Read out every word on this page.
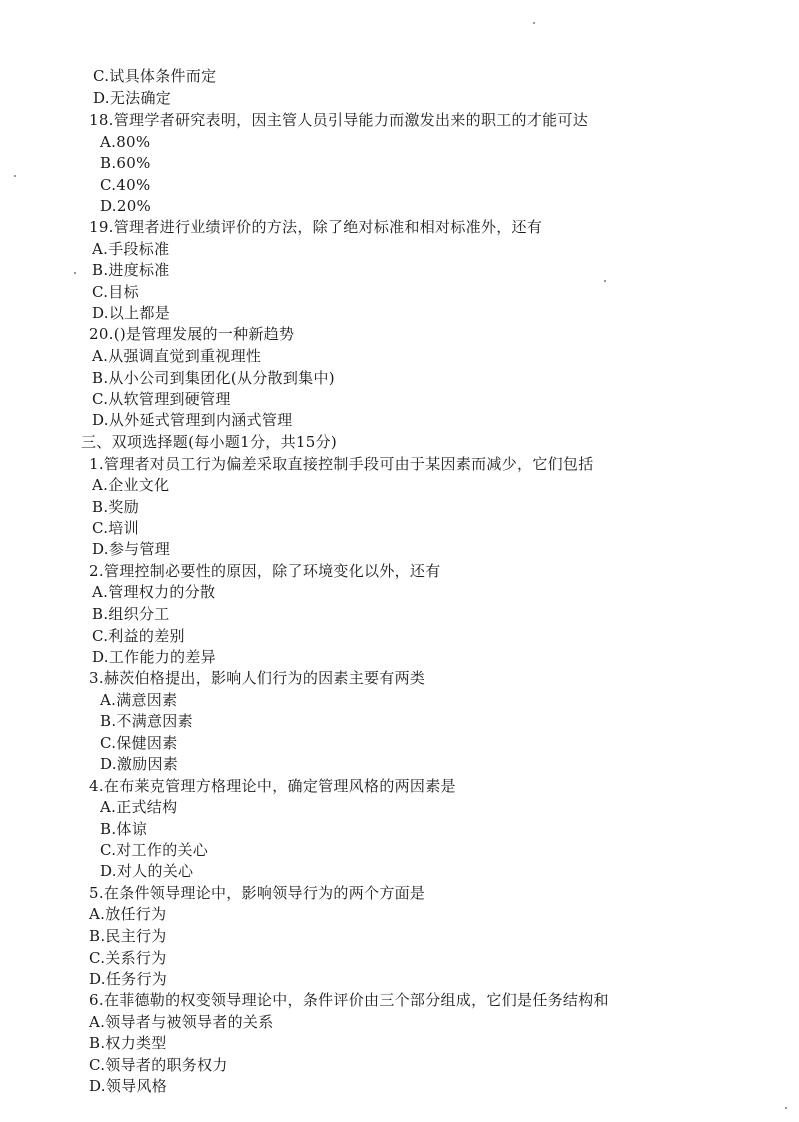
C.试具体条件而定
D.无法确定
18.管理学者研究表明，因主管人员引导能力而激发出来的职工的才能可达
A.80%
B.60%
C.40%
D.20%
19.管理者进行业绩评价的方法，除了绝对标准和相对标准外，还有
A.手段标准
B.进度标准
C.目标
D.以上都是
20.()是管理发展的一种新趋势
A.从强调直觉到重视理性
B.从小公司到集团化(从分散到集中)
C.从软管理到硬管理
D.从外延式管理到内涵式管理
三、双项选择题(每小题1分，共15分)
1.管理者对员工行为偏差采取直接控制手段可由于某因素而减少，它们包括
A.企业文化
B.奖励
C.培训
D.参与管理
2.管理控制必要性的原因，除了环境变化以外，还有
A.管理权力的分散
B.组织分工
C.利益的差别
D.工作能力的差异
3.赫茨伯格提出，影响人们行为的因素主要有两类
A.满意因素
B.不满意因素
C.保健因素
D.激励因素
4.在布莱克管理方格理论中，确定管理风格的两因素是
A.正式结构
B.体谅
C.对工作的关心
D.对人的关心
5.在条件领导理论中，影响领导行为的两个方面是
A.放任行为
B.民主行为
C.关系行为
D.任务行为
6.在菲德勒的权变领导理论中，条件评价由三个部分组成，它们是任务结构和
A.领导者与被领导者的关系
B.权力类型
C.领导者的职务权力
D.领导风格
